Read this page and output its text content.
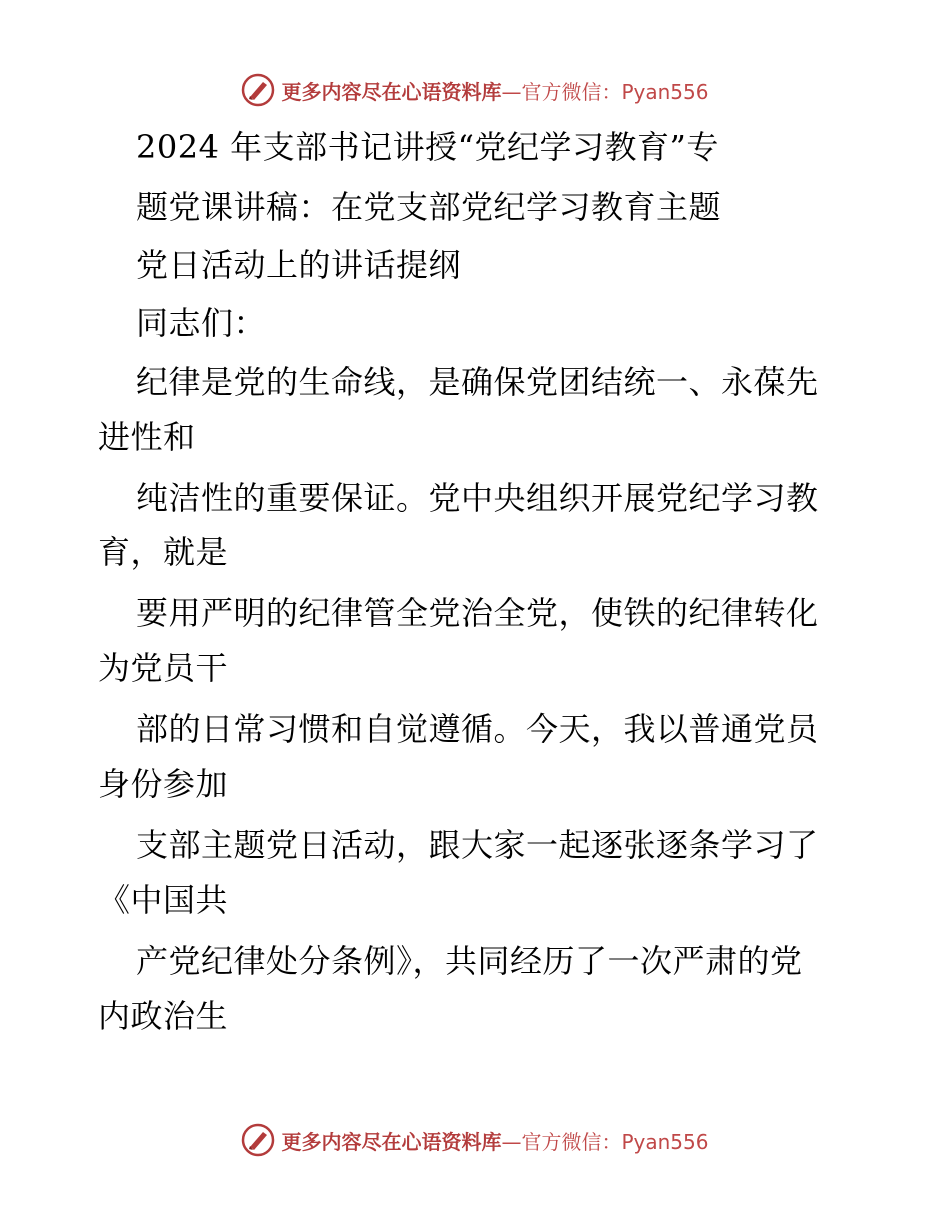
更多内容尽在心语资料库—官方微信：Pyan556
2024 年支部书记讲授“党纪学习教育”专
题党课讲稿：在党支部党纪学习教育主题
党日活动上的讲话提纲
同志们：
纪律是党的生命线，是确保党团结统一、永葆先
进性和
纯洁性的重要保证。党中央组织开展党纪学习教
育，就是
要用严明的纪律管全党治全党，使铁的纪律转化
为党员干
部的日常习惯和自觉遵循。今天，我以普通党员
身份参加
支部主题党日活动，跟大家一起逐张逐条学习了
《中国共
产党纪律处分条例》，共同经历了一次严肃的党
内政治生
更多内容尽在心语资料库—官方微信：Pyan556
